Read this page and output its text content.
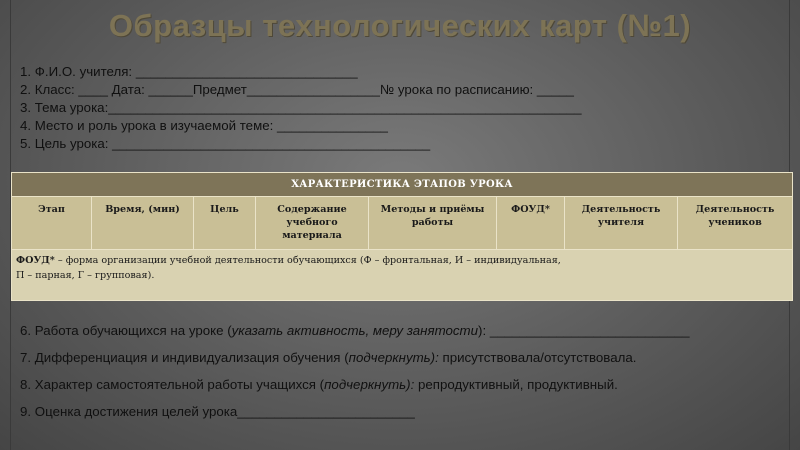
Образцы технологических карт (№1)
1. Ф.И.О. учителя: ______________________________
2. Класс: ____ Дата: ______Предмет__________________№ урока по расписанию: _____
3. Тема урока:________________________________________________________________
4. Место и роль урока в изучаемой теме: _______________
5. Цель урока: ___________________________________________
ХАРАКТЕРИСТИКА ЭТАПОВ УРОКА
Этап	Время, (мин)	Цель	Содержание учебного материала	Методы и приёмы работы	ФОУД*	Деятельность учителя	Деятельность учеников
ФОУД* – форма организации учебной деятельности обучающихся (Ф – фронтальная, И – индивидуальная,
П – парная, Г – групповая).
6. Работа обучающихся на уроке (указать активность, меру занятости): ___________________________
7. Дифференциация и индивидуализация обучения (подчеркнуть): присутствовала/отсутствовала.
8. Характер самостоятельной работы учащихся (подчеркнуть): репродуктивный, продуктивный.
9. Оценка достижения целей урока________________________
